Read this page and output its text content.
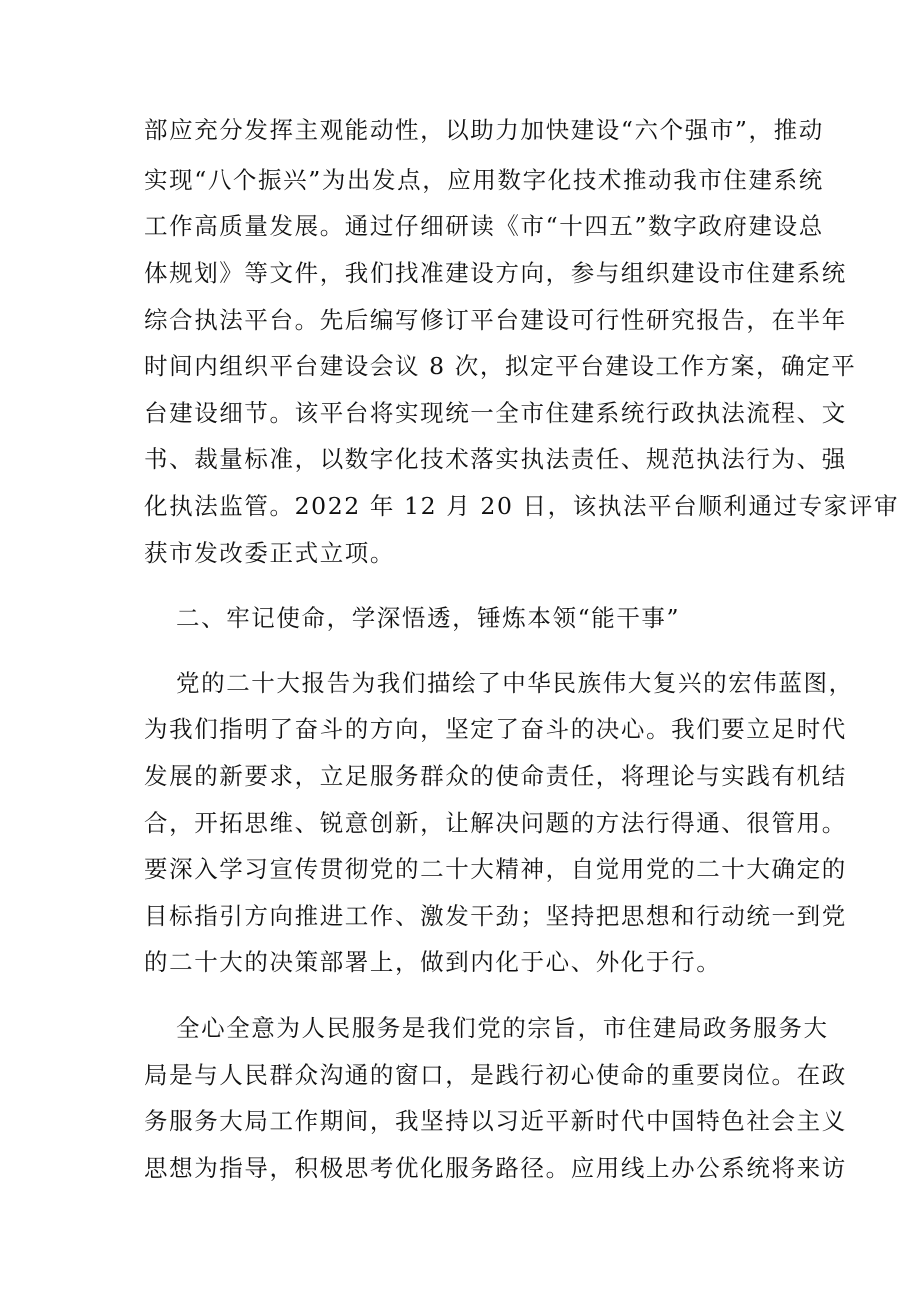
部应充分发挥主观能动性，以助力加快建设“六个强市”，推动
实现“八个振兴”为出发点，应用数字化技术推动我市住建系统
工作高质量发展。通过仔细研读《市“十四五”数字政府建设总
体规划》等文件，我们找准建设方向，参与组织建设市住建系统
综合执法平台。先后编写修订平台建设可行性研究报告，在半年
时间内组织平台建设会议 8 次，拟定平台建设工作方案，确定平
台建设细节。该平台将实现统一全市住建系统行政执法流程、文
书、裁量标准，以数字化技术落实执法责任、规范执法行为、强
化执法监管。2022 年 12 月 20 日，该执法平台顺利通过专家评审
获市发改委正式立项。
二、牢记使命，学深悟透，锤炼本领“能干事”
党的二十大报告为我们描绘了中华民族伟大复兴的宏伟蓝图，
为我们指明了奋斗的方向，坚定了奋斗的决心。我们要立足时代
发展的新要求，立足服务群众的使命责任，将理论与实践有机结
合，开拓思维、锐意创新，让解决问题的方法行得通、很管用。
要深入学习宣传贯彻党的二十大精神，自觉用党的二十大确定的
目标指引方向推进工作、激发干劲；坚持把思想和行动统一到党
的二十大的决策部署上，做到内化于心、外化于行。
全心全意为人民服务是我们党的宗旨，市住建局政务服务大
局是与人民群众沟通的窗口，是践行初心使命的重要岗位。在政
务服务大局工作期间，我坚持以习近平新时代中国特色社会主义
思想为指导，积极思考优化服务路径。应用线上办公系统将来访
